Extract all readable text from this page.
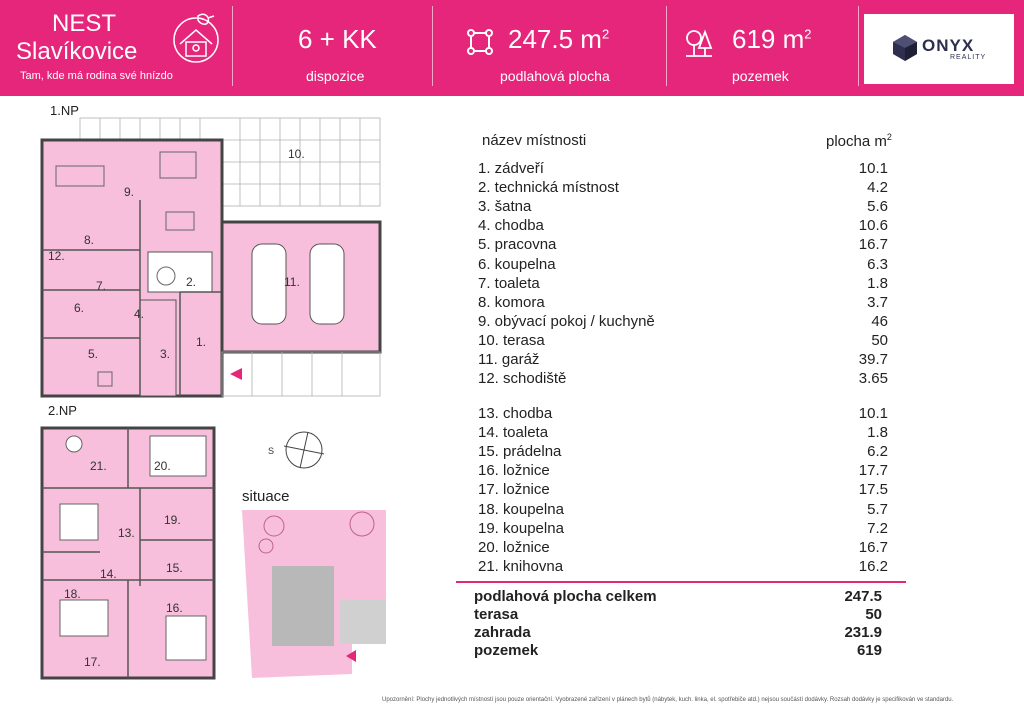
NEST
Slavíkovice
Tam, kde má rodina své hnízdo
6 + KK
dispozice
247.5 $m^2$
podlahová plocha
619 $m^2$
pozemek
ONYX
REALITY
1.NP
2.NP
situace
1.
2.
3.
4.
5.
6.
7.
8.
9.
10.
11.
12.
13.
14.	15.
16.
17.
18.
19.
20.
21.
S
název místnosti	plocha $m^2$
1. zádveří	10.1
2. technická místnost	4.2
3. šatna	5.6
4. chodba	10.6
5. pracovna	16.7
6. koupelna	6.3
7. toaleta	1.8
8. komora	3.7
9. obývací pokoj / kuchyně	46
10. terasa	50
11. garáž	39.7
12. schodiště	3.65
13. chodba	10.1
14. toaleta	1.8
15. prádelna	6.2
16. ložnice	17.7
17. ložnice	17.5
18. koupelna	5.7
19. koupelna	7.2
20. ložnice	16.7
21. knihovna	16.2
podlahová plocha celkem	247.5
terasa	50
zahrada	231.9
pozemek	619
Upozornění: Plochy jednotlivých místností jsou pouze orientační. Vyobrazené zařízení v plánech bytů (nábytek, kuch. linka, el. spotřebiče atd.) nejsou součástí dodávky. Rozsah dodávky je specifikován ve standardu.
